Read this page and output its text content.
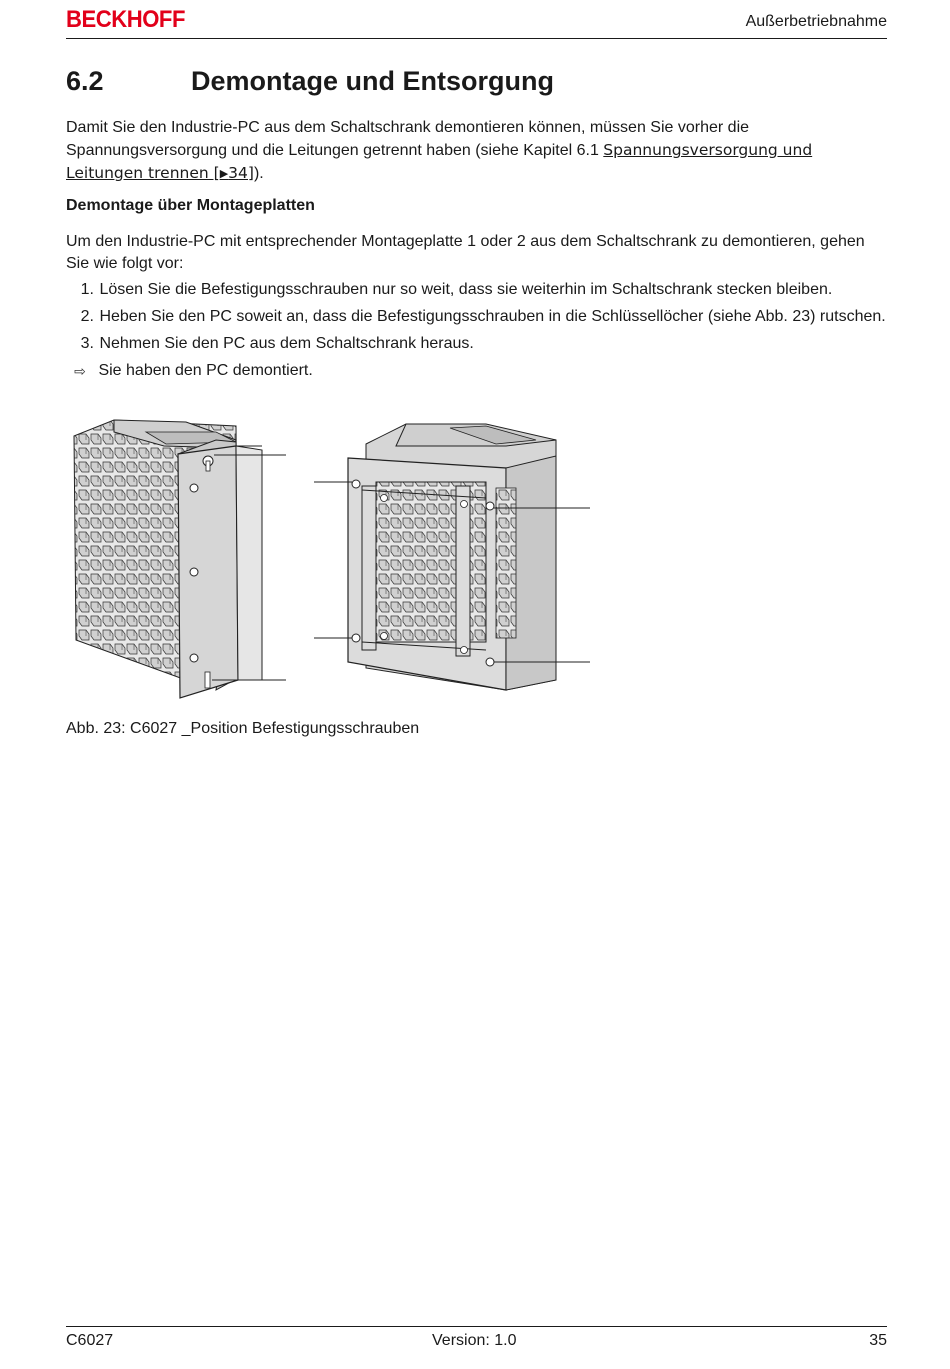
BECKHOFF	Außerbetriebnahme
6.2	Demontage und Entsorgung
Damit Sie den Industrie-PC aus dem Schaltschrank demontieren können, müssen Sie vorher die Spannungsversorgung und die Leitungen getrennt haben (siehe Kapitel 6.1 Spannungsversorgung und Leitungen trennen [▶34]).
Demontage über Montageplatten
Um den Industrie-PC mit entsprechender Montageplatte 1 oder 2 aus dem Schaltschrank zu demontieren, gehen Sie wie folgt vor:
1.
Lösen Sie die Befestigungsschrauben nur so weit, dass sie weiterhin im Schaltschrank stecken bleiben.
2.
Heben Sie den PC soweit an, dass die Befestigungsschrauben in die Schlüssellöcher (siehe Abb. 23) rutschen.
3.
Nehmen Sie den PC aus dem Schaltschrank heraus.
⇨
Sie haben den PC demontiert.
Abb. 23: C6027 _Position Befestigungsschrauben
C6027	Version: 1.0	35
